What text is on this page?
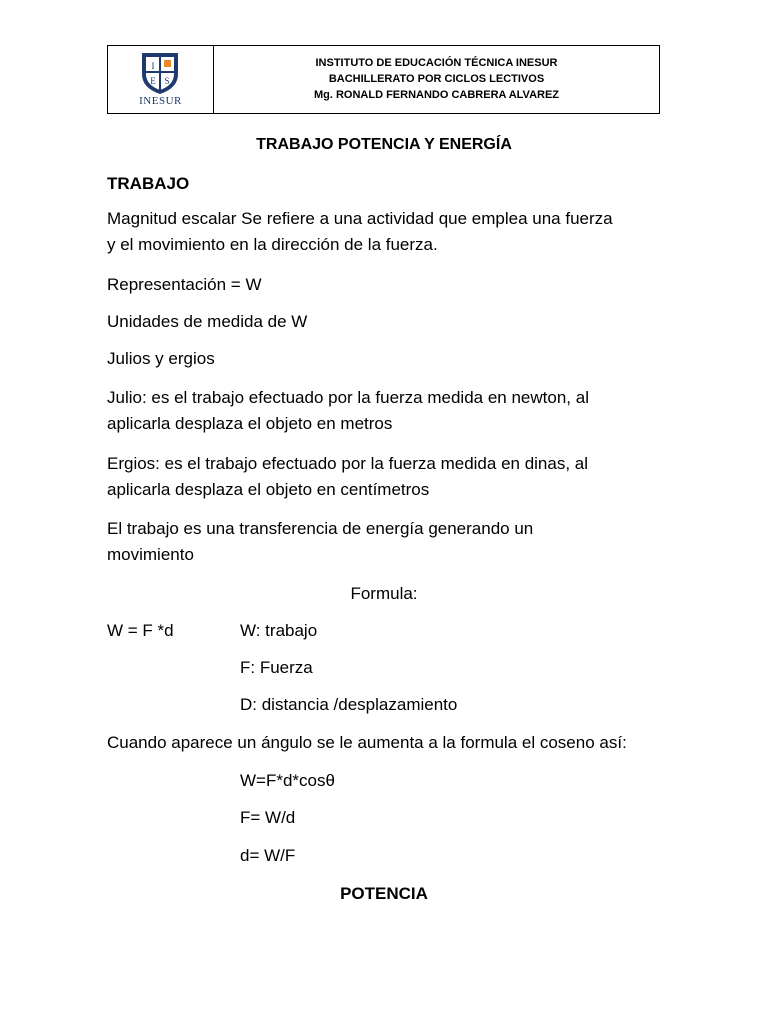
I
E S
INESUR
INSTITUTO DE EDUCACIÓN TÉCNICA INESUR
BACHILLERATO POR CICLOS LECTIVOS
Mg. RONALD FERNANDO CABRERA ALVAREZ
TRABAJO POTENCIA Y ENERGÍA
TRABAJO
Magnitud escalar Se refiere a una actividad que emplea una fuerza
y el movimiento en la dirección de la fuerza.
Representación = W
Unidades de medida de W
Julios y ergios
Julio: es el trabajo efectuado por la fuerza medida en newton, al
aplicarla desplaza el objeto en metros
Ergios: es el trabajo efectuado por la fuerza medida en dinas, al
aplicarla desplaza el objeto en centímetros
El trabajo es una transferencia de energía generando un
movimiento
Formula:
W = F *d	W: trabajo
F: Fuerza
D: distancia /desplazamiento
Cuando aparece un ángulo se le aumenta a la formula el coseno así:
W=F*d*cosθ
F= W/d
d= W/F
POTENCIA
